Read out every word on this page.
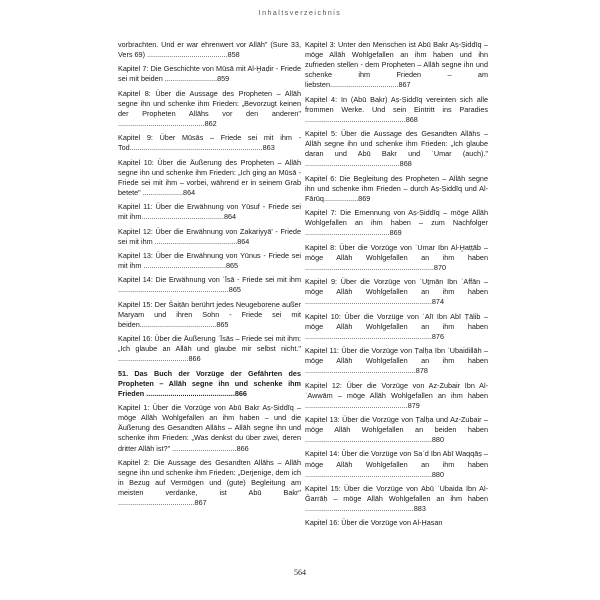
Inhaltsverzeichnis

vorbrachten. Und er war ehrenwert vor Allāh" (Sure 33, Vers 69) ........................................858

Kapitel 7: Die Geschichte von Mūsā mit Al-Ḫaḍir - Friede sei mit beiden ..........................859

Kapitel 8: Über die Aussage des Propheten – Allāh segne ihn und schenke ihm Frieden: „Bevorzugt keinen der Propheten Allāhs vor den anderen" ...........................................862

Kapitel 9: Über Mūsās – Friede sei mit ihm - Tod..................................................................863

Kapitel 10: Über die Äußerung des Propheten – Allāh segne ihn und schenke ihm Frieden: „Ich ging an Mūsā - Friede sei mit ihm – vorbei, während er in seinem Grab betete" ....................864

Kapitel 11: Über die Erwähnung von Yūsuf - Friede sei mit ihm.........................................864

Kapitel 12: Über die Erwähnung von Zakariyyā' - Friede sei mit ihm .........................................864

Kapitel 13: Über die Erwähnung von Yūnus - Friede sei mit ihm .........................................865

Kapitel 14: Die Erwähnung von ʿĪsā - Friede sei mit ihm .......................................................865

Kapitel 15: Der Šaiṭān berührt jedes Neugeborene außer Maryam und ihren Sohn - Friede sei mit beiden......................................865

Kapitel 16: Über die Äußerung ʿĪsās – Friede sei mit ihm: „Ich glaube an Allāh und glaube mir selbst nicht." ...................................866

51. Das Buch der Vorzüge der Gefährten des Propheten – Allāh segne ihn und schenke ihm Frieden ............................................866

Kapitel 1: Über die Vorzüge von Abū Bakr Aṣ-Ṣiddīq – möge Allāh Wohlgefallen an ihm haben – und die Äußerung des Gesandten Allāhs – Allāh segne ihn und schenke ihm Frieden: „Was denkst du über zwei, deren dritter Allāh ist?" ................................866

Kapitel 2: Die Aussage des Gesandten Allāhs – Allāh segne ihn und schenke ihm Frieden: „Derjenige, dem ich in Bezug auf Vermögen und (gute) Begleitung am meisten verdanke, ist Abū Bakr" ......................................867

Kapitel 3: Unter den Menschen ist Abū Bakr Aṣ-Ṣiddīq – möge Allāh Wohlgefallen an ihm haben und ihn zufrieden stellen - dem Propheten – Allāh segne ihn und schenke ihm Frieden – am liebsten..................................867

Kapitel 4: In (Abū Bakr) Aṣ-Ṣiddīq vereinten sich alle frommen Werke. Und sein Eintritt ins Paradies ..................................................868

Kapitel 5: Über die Aussage des Gesandten Allāhs – Allāh segne ihn und schenke ihm Frieden: „Ich glaube daran und Abū Bakr und ʿUmar (auch)." ...............................................868

Kapitel 6: Die Begleitung des Propheten – Allāh segne ihn und schenke ihm Frieden – durch Aṣ-Ṣiddīq und Al-Fārūq.................869

Kapitel 7: Die Ernennung von Aṣ-Ṣiddīq – möge Allāh Wohlgefallen an ihm haben – zum Nachfolger ..........................................869

Kapitel 8: Über die Vorzüge von ʿUmar Ibn Al-Ḫaṭṭāb – möge Allāh Wohlgefallen an ihm haben ................................................................870

Kapitel 9: Über die Vorzüge von ʿUṯmān Ibn ʿAffān – möge Allāh Wohlgefallen an ihm haben ...............................................................874

Kapitel 10: Über die Vorzüge von ʿAlī Ibn Abī Ṭālib – möge Allāh Wohlgefallen an ihm haben ...............................................................876

Kapitel 11: Über die Vorzüge von Ṭalḥa Ibn ʿUbaidillāh – möge Allāh Wohlgefallen an ihm haben .......................................................878

Kapitel 12: Über die Vorzüge von Az-Zubair Ibn Al-ʿAwwām – möge Allāh Wohlgefallen an ihm haben ...................................................879

Kapitel 13: Über die Vorzüge von Ṭalḥa und Az-Zubair – möge Allāh Wohlgefallen an beiden haben ...............................................................880

Kapitel 14: Über die Vorzüge von Saʿd Ibn Abī Waqqāṣ – möge Allāh Wohlgefallen an ihm haben ...............................................................880

Kapitel 15: Über die Vorzüge von Abū ʿUbaida Ibn Al-Ǧarrāḥ – möge Allāh Wohlgefallen an ihm haben ......................................................883

Kapitel 16: Über die Vorzüge von Al-Ḥasan

564
